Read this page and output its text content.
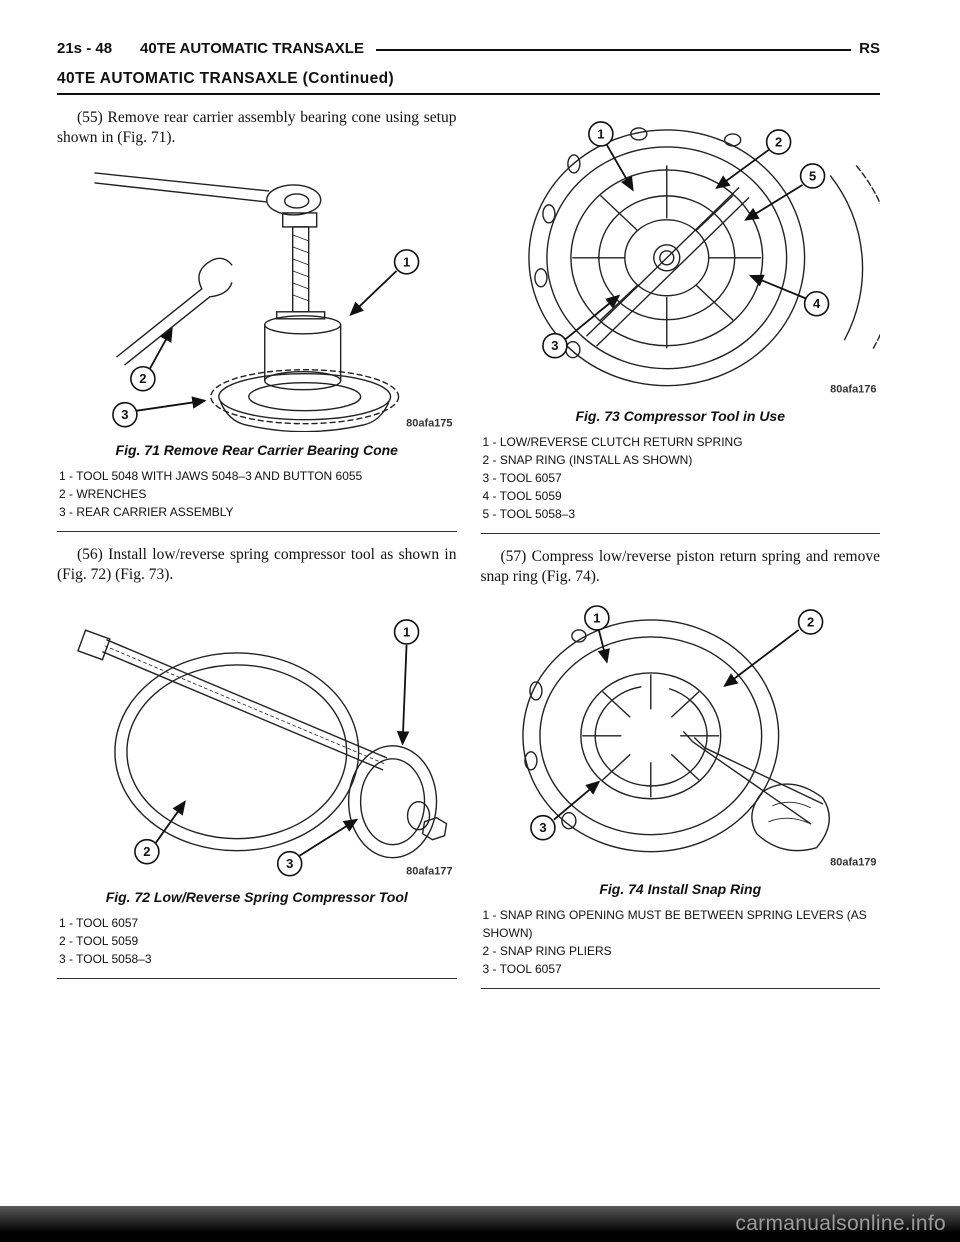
21s - 48 40TE AUTOMATIC TRANSAXLE	RS
40TE AUTOMATIC TRANSAXLE (Continued)

(55) Remove rear carrier assembly bearing cone using setup shown in (Fig. 71).

1
2
3
80afa175
Fig. 71 Remove Rear Carrier Bearing Cone
1 - TOOL 5048 WITH JAWS 5048–3 AND BUTTON 6055
2 - WRENCHES
3 - REAR CARRIER ASSEMBLY

(56) Install low/reverse spring compressor tool as shown in (Fig. 72) (Fig. 73).

1
2
3
80afa177
Fig. 72 Low/Reverse Spring Compressor Tool
1 - TOOL 6057
2 - TOOL 5059
3 - TOOL 5058–3
1
2
5
4
3
80afa176
Fig. 73 Compressor Tool in Use
1 - LOW/REVERSE CLUTCH RETURN SPRING
2 - SNAP RING (INSTALL AS SHOWN)
3 - TOOL 6057
4 - TOOL 5059
5 - TOOL 5058–3

(57) Compress low/reverse piston return spring and remove snap ring (Fig. 74).

1	2
3
80afa179
Fig. 74 Install Snap Ring
1 - SNAP RING OPENING MUST BE BETWEEN SPRING LEVERS (AS SHOWN)
2 - SNAP RING PLIERS
3 - TOOL 6057
carmanualsonline.info
